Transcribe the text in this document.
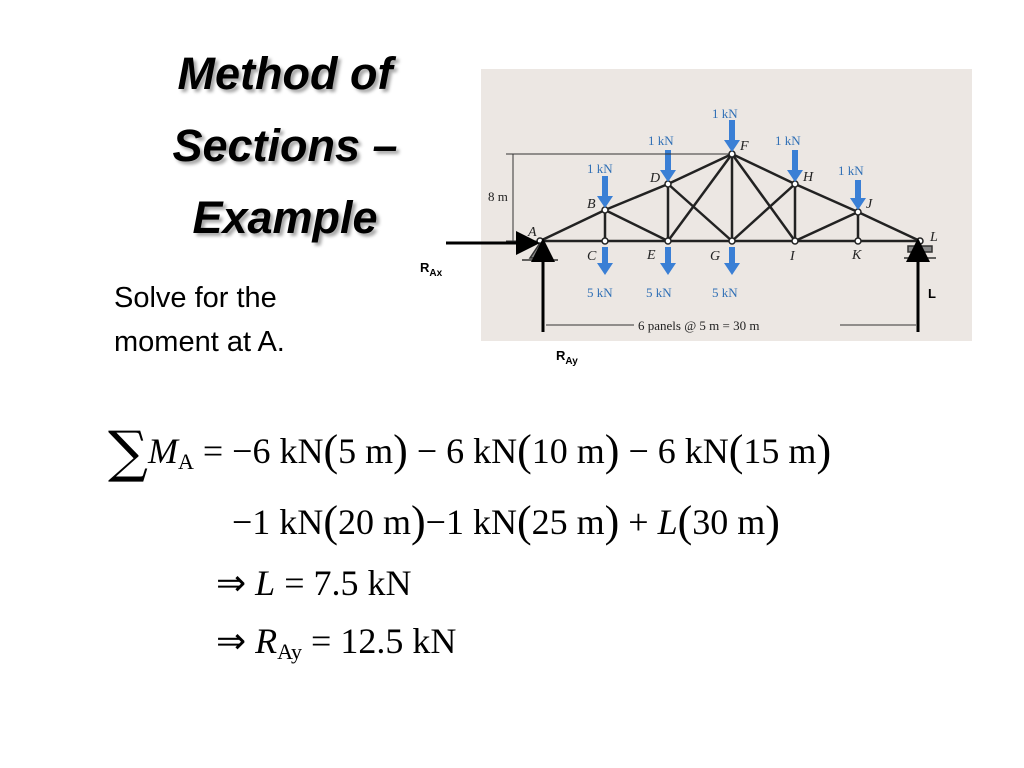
Method of
Sections –
Example
Solve for the
moment at A.
1 kN
1 kN
1 kN
1 kN
1 kN
5 kN	5 kN	5 kN
A
B
C
D
E
F
G
H
I
J
K
L
8 m
6 panels @ 5 m = 30 m
$R_{Ax}$
$R_{Ay}$
L
$\sum M_A = -6$ kN(5 m) − 6 kN(10 m) − 6 kN(15 m)
−1 kN(20 m)−1 kN(25 m) + L(30 m)
⇒ L = 7.5 kN
⇒ $R_{Ay} = 12.5$ kN
